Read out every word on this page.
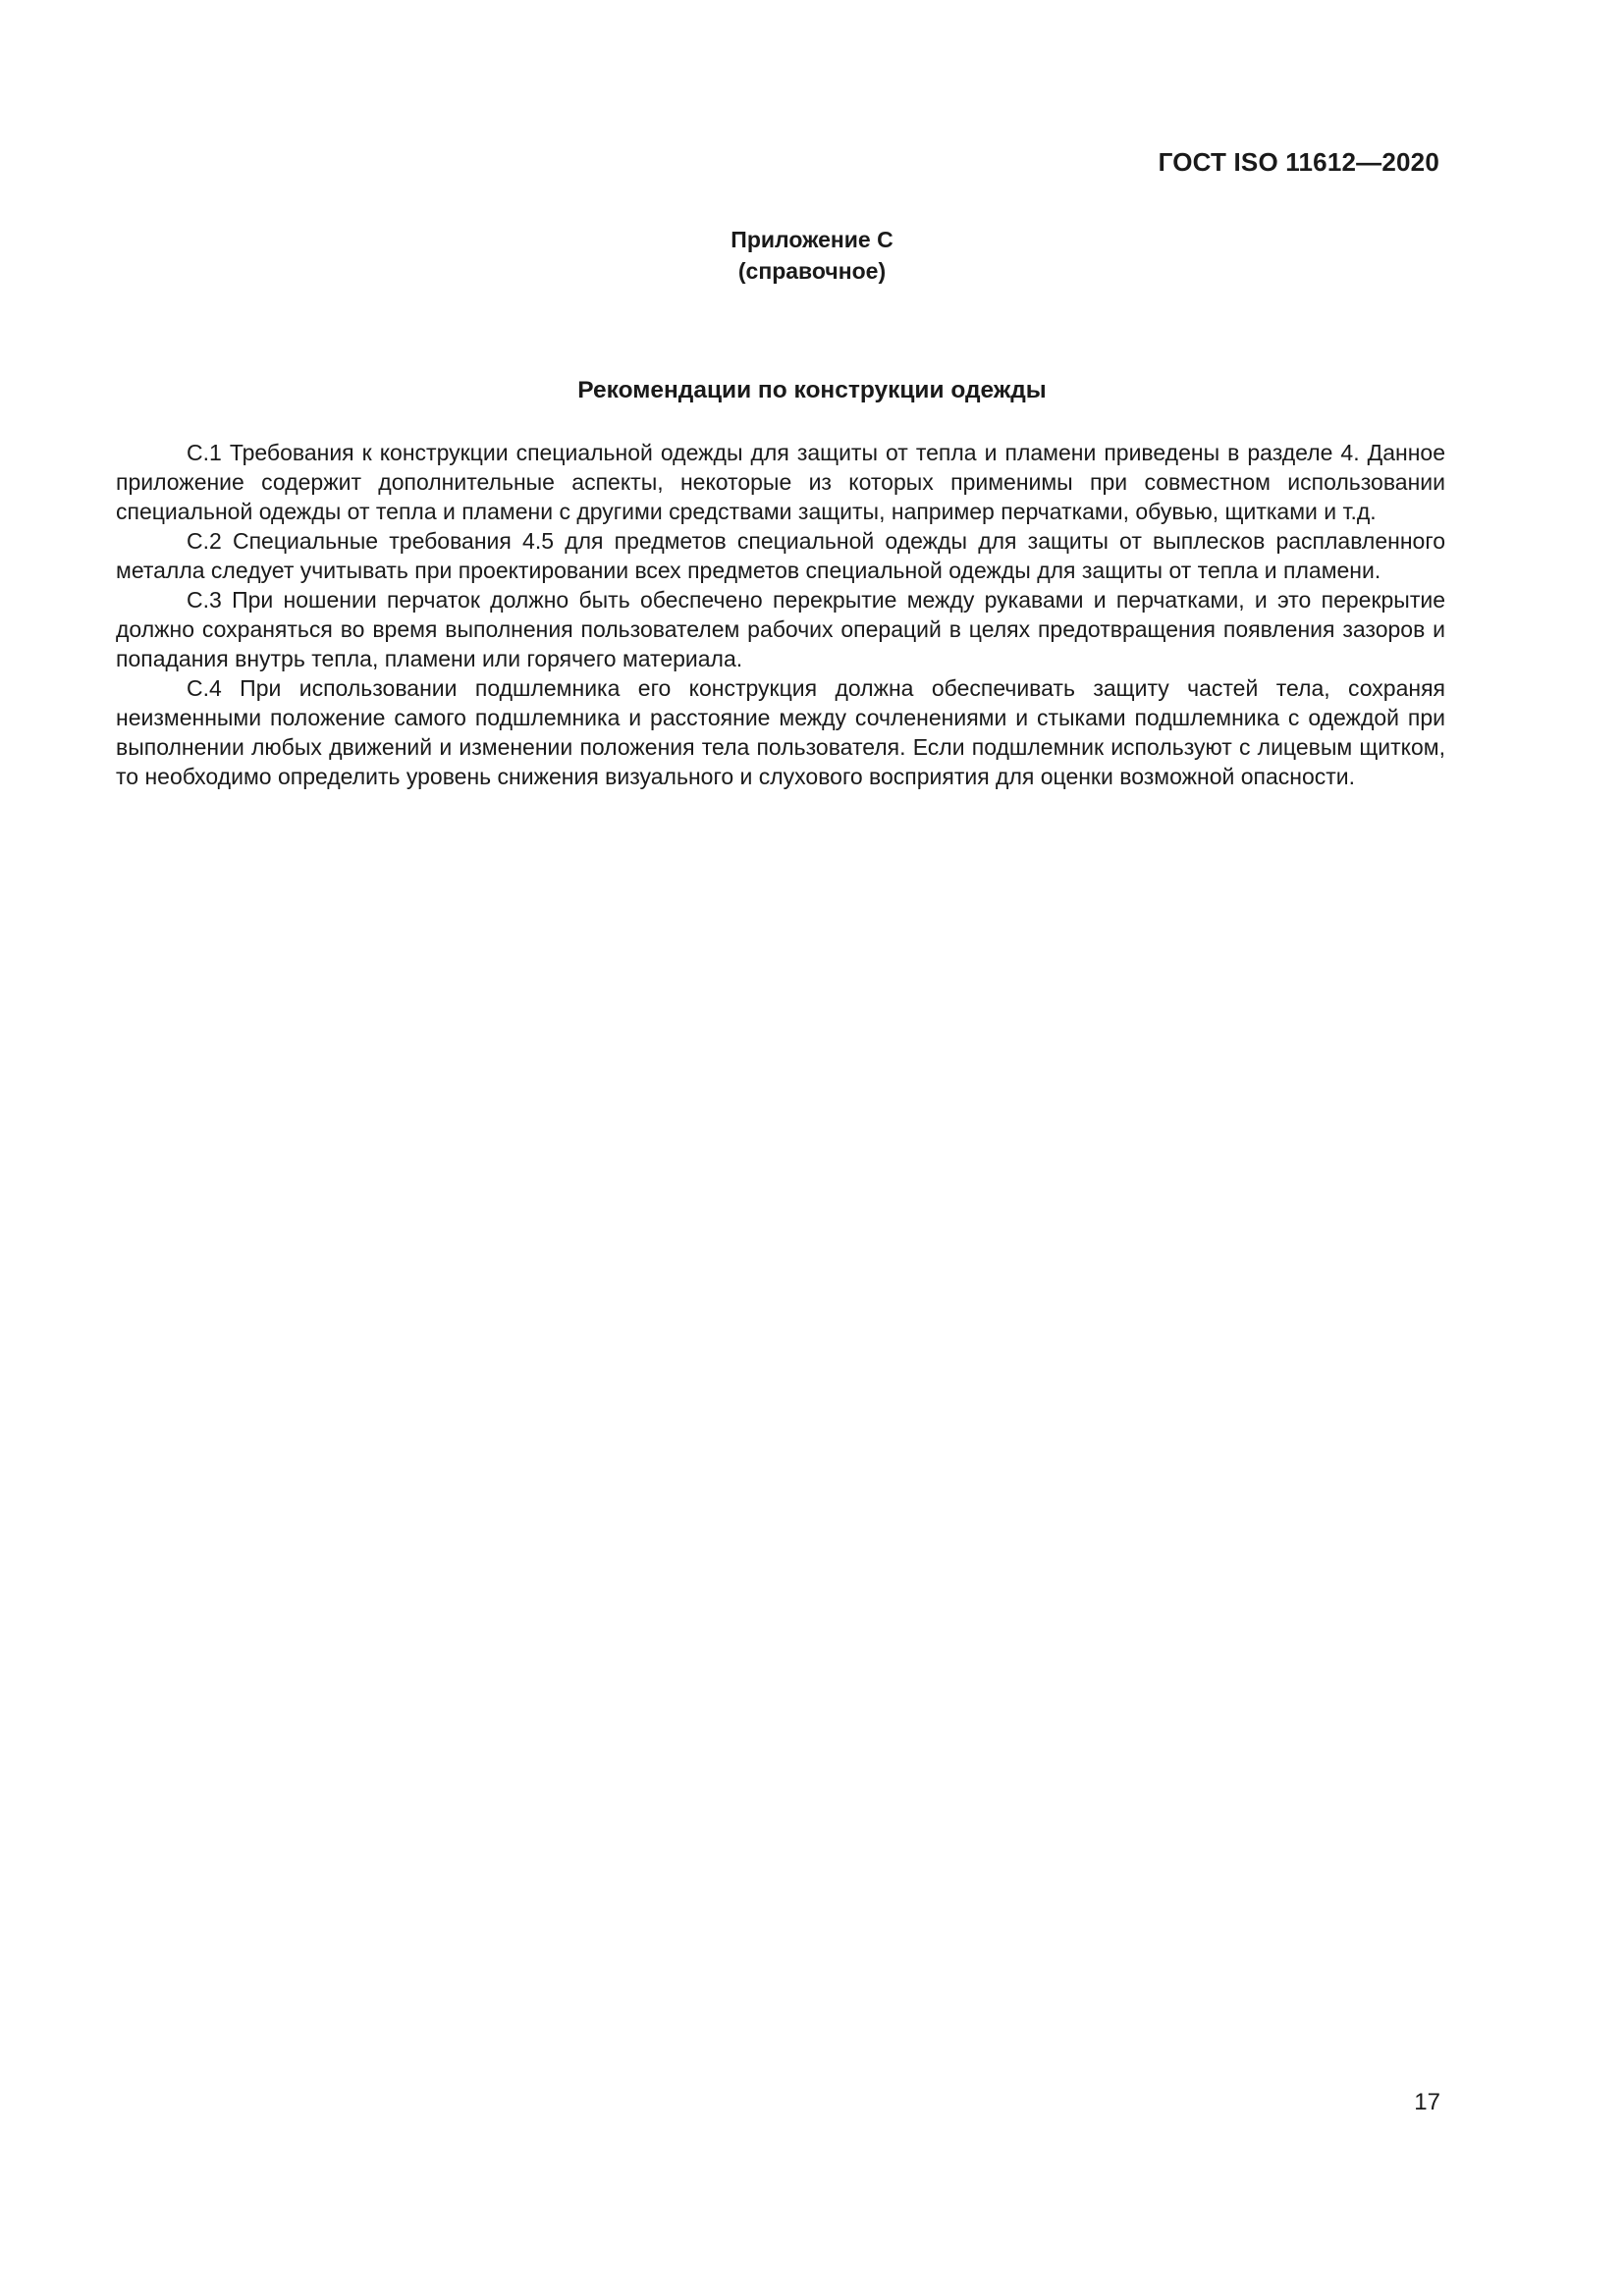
ГОСТ ISO 11612—2020
Приложение С
(справочное)
Рекомендации по конструкции одежды

С.1 Требования к конструкции специальной одежды для защиты от тепла и пламени приведены в разделе 4. Данное приложение содержит дополнительные аспекты, некоторые из которых применимы при совместном использовании специальной одежды от тепла и пламени с другими средствами защиты, например перчатками, обувью, щитками и т.д.

С.2 Специальные требования 4.5 для предметов специальной одежды для защиты от выплесков расплавленного металла следует учитывать при проектировании всех предметов специальной одежды для защиты от тепла и пламени.

С.3 При ношении перчаток должно быть обеспечено перекрытие между рукавами и перчатками, и это перекрытие должно сохраняться во время выполнения пользователем рабочих операций в целях предотвращения появления зазоров и попадания внутрь тепла, пламени или горячего материала.

С.4 При использовании подшлемника его конструкция должна обеспечивать защиту частей тела, сохраняя неизменными положение самого подшлемника и расстояние между сочленениями и стыками подшлемника с одеждой при выполнении любых движений и изменении положения тела пользователя. Если подшлемник используют с лицевым щитком, то необходимо определить уровень снижения визуального и слухового восприятия для оценки возможной опасности.

17
